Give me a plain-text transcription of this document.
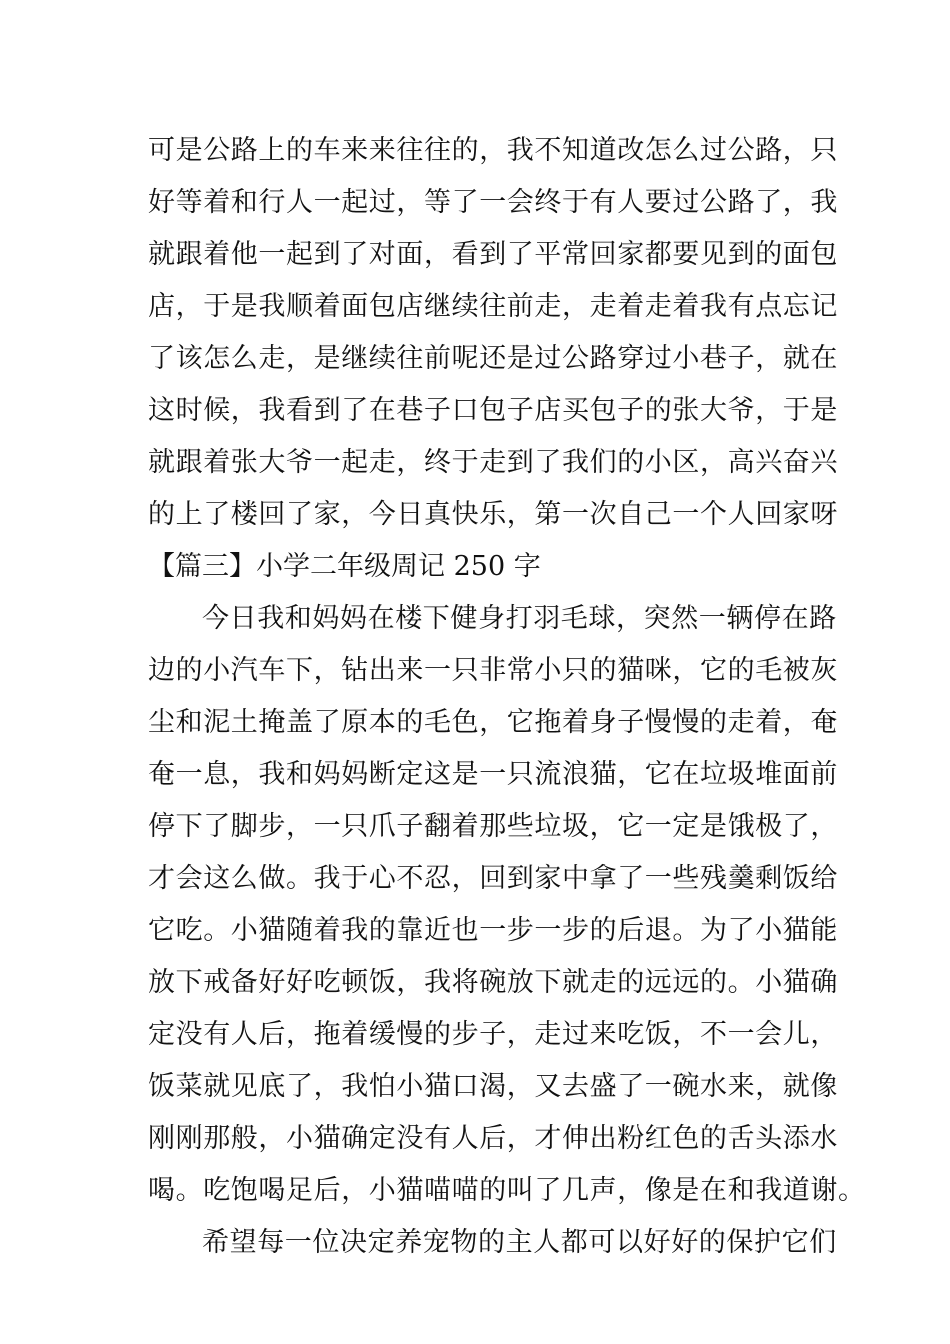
可是公路上的车来来往往的，我不知道改怎么过公路，只
好等着和行人一起过，等了一会终于有人要过公路了，我
就跟着他一起到了对面，看到了平常回家都要见到的面包
店，于是我顺着面包店继续往前走，走着走着我有点忘记
了该怎么走，是继续往前呢还是过公路穿过小巷子，就在
这时候，我看到了在巷子口包子店买包子的张大爷，于是
就跟着张大爷一起走，终于走到了我们的小区，高兴奋兴
的上了楼回了家，今日真快乐，第一次自己一个人回家呀
【篇三】小学二年级周记 250 字
今日我和妈妈在楼下健身打羽毛球，突然一辆停在路
边的小汽车下，钻出来一只非常小只的猫咪，它的毛被灰
尘和泥土掩盖了原本的毛色，它拖着身子慢慢的走着，奄
奄一息，我和妈妈断定这是一只流浪猫，它在垃圾堆面前
停下了脚步，一只爪子翻着那些垃圾，它一定是饿极了，
才会这么做。我于心不忍，回到家中拿了一些残羹剩饭给
它吃。小猫随着我的靠近也一步一步的后退。为了小猫能
放下戒备好好吃顿饭，我将碗放下就走的远远的。小猫确
定没有人后，拖着缓慢的步子，走过来吃饭，不一会儿，
饭菜就见底了，我怕小猫口渴，又去盛了一碗水来，就像
刚刚那般，小猫确定没有人后，才伸出粉红色的舌头添水
喝。吃饱喝足后，小猫喵喵的叫了几声，像是在和我道谢。
希望每一位决定养宠物的主人都可以好好的保护它们
